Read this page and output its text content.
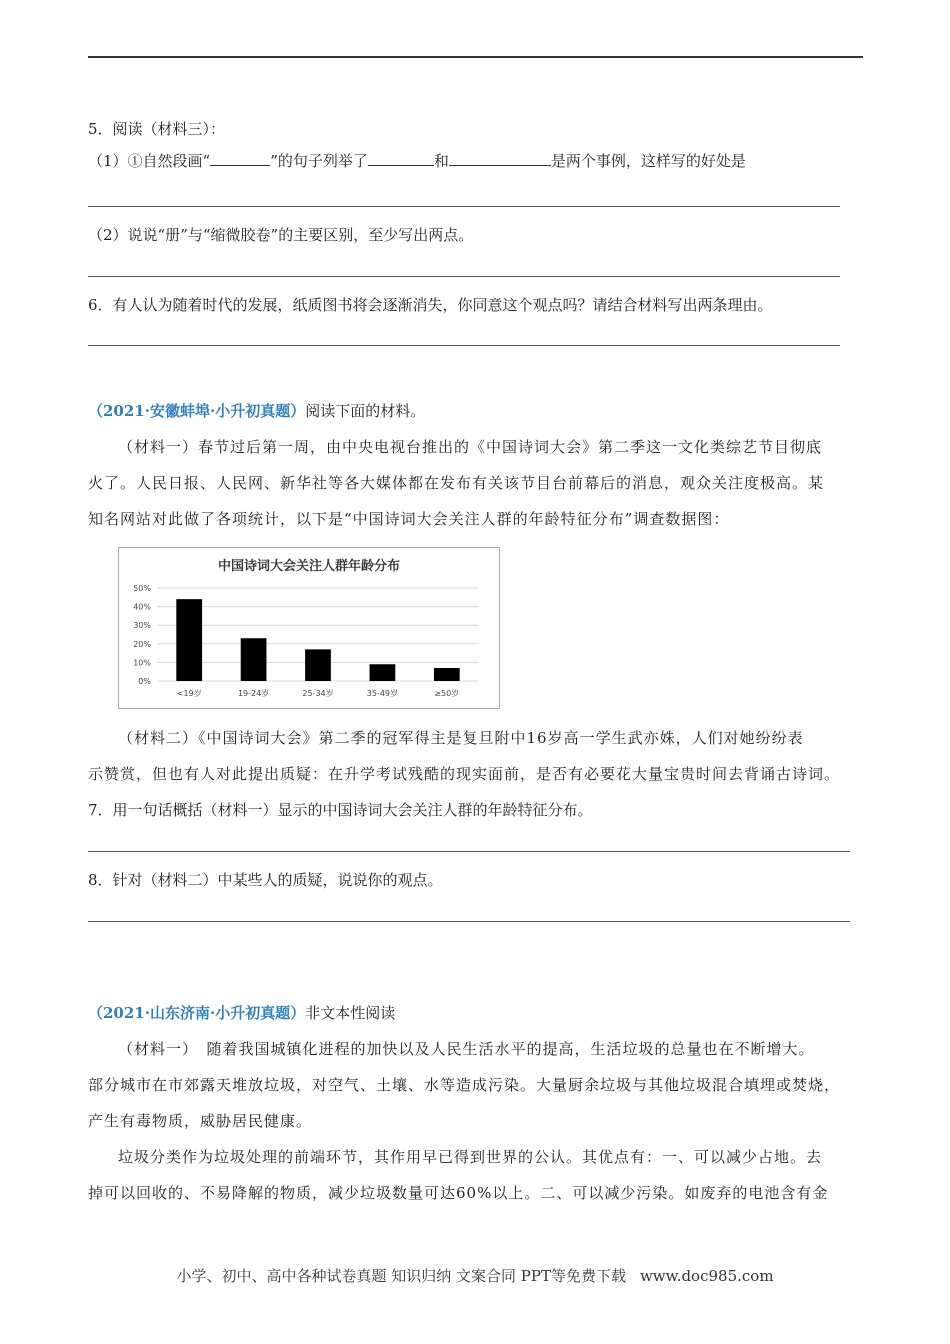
5．阅读（材料三）：
（1）①自然段画“	”的句子列举了	和	是两个事例，这样写的好处是
（2）说说“册”与“缩微胶卷”的主要区别，至少写出两点。
6．有人认为随着时代的发展，纸质图书将会逐渐消失，你同意这个观点吗？请结合材料写出两条理由。
（2021·安徽蚌埠·小升初真题）阅读下面的材料。
（材料一）春节过后第一周，由中央电视台推出的《中国诗词大会》第二季这一文化类综艺节目彻底
火了。人民日报、人民网、新华社等各大媒体都在发布有关该节目台前幕后的消息，观众关注度极高。某
知名网站对此做了各项统计，以下是“中国诗词大会关注人群的年龄特征分布”调查数据图：
中国诗词大会关注人群年龄分布
0%
10%
20%
30%
40%
50%
<19岁	19-24岁	25-34岁	35-49岁	≥50岁
（材料二）《中国诗词大会》第二季的冠军得主是复旦附中16岁高一学生武亦姝，人们对她纷纷表
示赞赏，但也有人对此提出质疑：在升学考试残酷的现实面前，是否有必要花大量宝贵时间去背诵古诗词。
7．用一句话概括（材料一）显示的中国诗词大会关注人群的年龄特征分布。
8．针对（材料二）中某些人的质疑，说说你的观点。
（2021·山东济南·小升初真题）非文本性阅读
（材料一）　随着我国城镇化进程的加快以及人民生活水平的提高，生活垃圾的总量也在不断增大。
部分城市在市郊露天堆放垃圾，对空气、土壤、水等造成污染。大量厨余垃圾与其他垃圾混合填埋或焚烧，
产生有毒物质，威胁居民健康。
垃圾分类作为垃圾处理的前端环节，其作用早已得到世界的公认。其优点有：一、可以减少占地。去
掉可以回收的、不易降解的物质，减少垃圾数量可达60%以上。二、可以减少污染。如废弃的电池含有金
小学、初中、高中各种试卷真题 知识归纳 文案合同 PPT等免费下载 www.doc985.com
